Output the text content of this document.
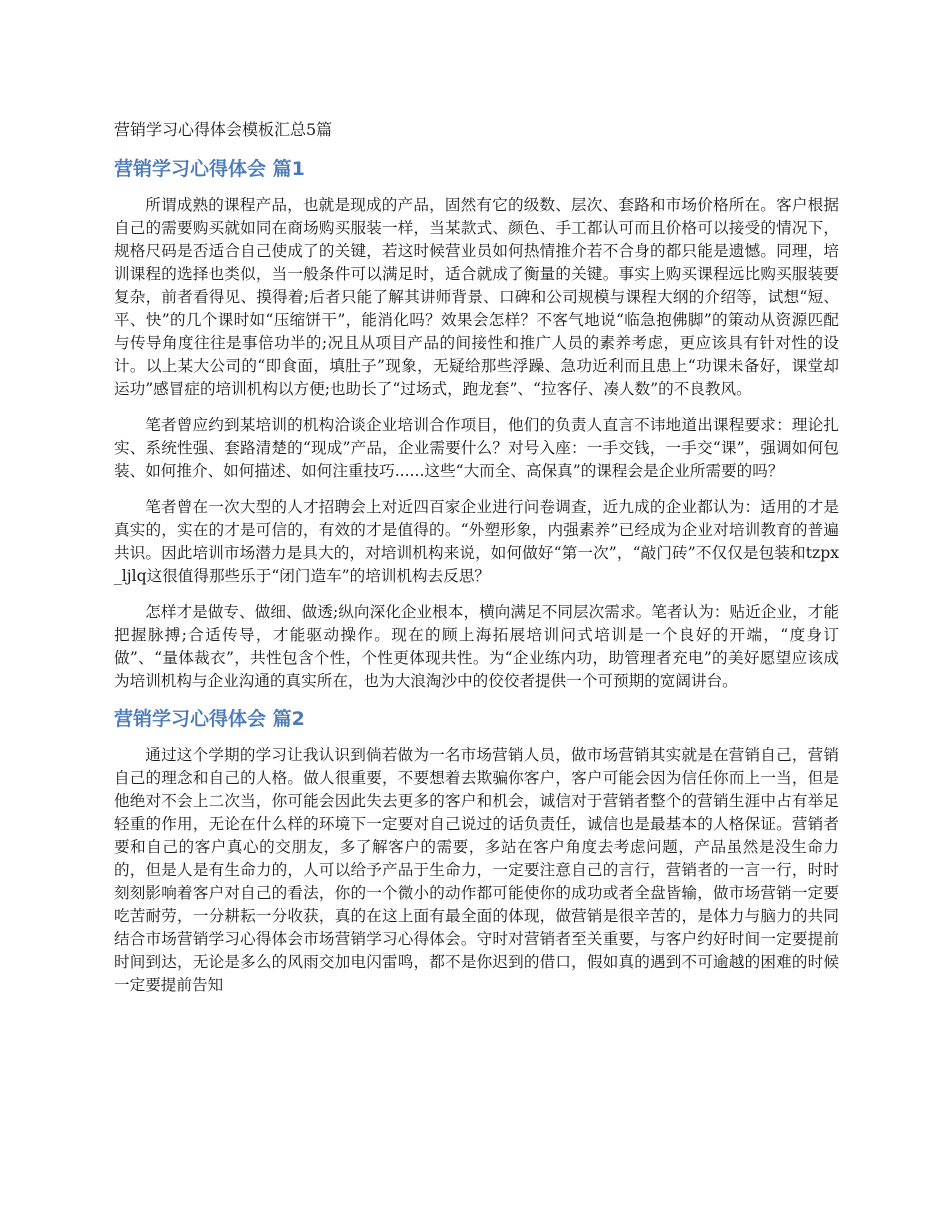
营销学习心得体会模板汇总5篇
营销学习心得体会 篇1

所谓成熟的课程产品，也就是现成的产品，固然有它的级数、层次、套路和市场价格所在。客户根据自己的需要购买就如同在商场购买服装一样，当某款式、颜色、手工都认可而且价格可以接受的情况下，规格尺码是否适合自己使成了的关键，若这时候营业员如何热情推介若不合身的都只能是遗憾。同理，培训课程的选择也类似，当一般条件可以满足时，适合就成了衡量的关键。事实上购买课程远比购买服装要复杂，前者看得见、摸得着;后者只能了解其讲师背景、口碑和公司规模与课程大纲的介绍等，试想“短、平、快”的几个课时如“压缩饼干”，能消化吗？效果会怎样？不客气地说“临急抱佛脚”的策动从资源匹配与传导角度往往是事倍功半的;况且从项目产品的间接性和推广人员的素养考虑，更应该具有针对性的设计。以上某大公司的“即食面，填肚子”现象，无疑给那些浮躁、急功近利而且患上“功课未备好，课堂却运功”感冒症的培训机构以方便;也助长了“过场式，跑龙套”、“拉客仔、凑人数”的不良教风。

笔者曾应约到某培训的机构洽谈企业培训合作项目，他们的负责人直言不讳地道出课程要求：理论扎实、系统性强、套路清楚的“现成”产品，企业需要什么？对号入座：一手交钱，一手交“课”，强调如何包装、如何推介、如何描述、如何注重技巧......这些“大而全、高保真”的课程会是企业所需要的吗？

笔者曾在一次大型的人才招聘会上对近四百家企业进行问卷调查，近九成的企业都认为：适用的才是真实的，实在的才是可信的，有效的才是值得的。“外塑形象，内强素养”已经成为企业对培训教育的普遍共识。因此培训市场潜力是具大的，对培训机构来说，如何做好“第一次”，“敲门砖”不仅仅是包装和tzpx_ljlq这很值得那些乐于“闭门造车”的培训机构去反思？

怎样才是做专、做细、做透;纵向深化企业根本，横向满足不同层次需求。笔者认为：贴近企业，才能把握脉搏;合适传导，才能驱动操作。现在的顾上海拓展培训问式培训是一个良好的开端，“度身订做”、“量体裁衣”，共性包含个性，个性更体现共性。为“企业练内功，助管理者充电”的美好愿望应该成为培训机构与企业沟通的真实所在，也为大浪淘沙中的佼佼者提供一个可预期的宽阔讲台。

营销学习心得体会 篇2

通过这个学期的学习让我认识到倘若做为一名市场营销人员，做市场营销其实就是在营销自己，营销自己的理念和自己的人格。做人很重要，不要想着去欺骗你客户，客户可能会因为信任你而上一当，但是他绝对不会上二次当，你可能会因此失去更多的客户和机会，诚信对于营销者整个的营销生涯中占有举足轻重的作用，无论在什么样的环境下一定要对自己说过的话负责任，诚信也是最基本的人格保证。营销者要和自己的客户真心的交朋友，多了解客户的需要，多站在客户角度去考虑问题，产品虽然是没生命力的，但是人是有生命力的，人可以给予产品于生命力，一定要注意自己的言行，营销者的一言一行，时时刻刻影响着客户对自己的看法，你的一个微小的动作都可能使你的成功或者全盘皆输，做市场营销一定要吃苦耐劳，一分耕耘一分收获，真的在这上面有最全面的体现，做营销是很辛苦的，是体力与脑力的共同结合市场营销学习心得体会市场营销学习心得体会。守时对营销者至关重要，与客户约好时间一定要提前时间到达，无论是多么的风雨交加电闪雷鸣，都不是你迟到的借口，假如真的遇到不可逾越的困难的时候一定要提前告知
